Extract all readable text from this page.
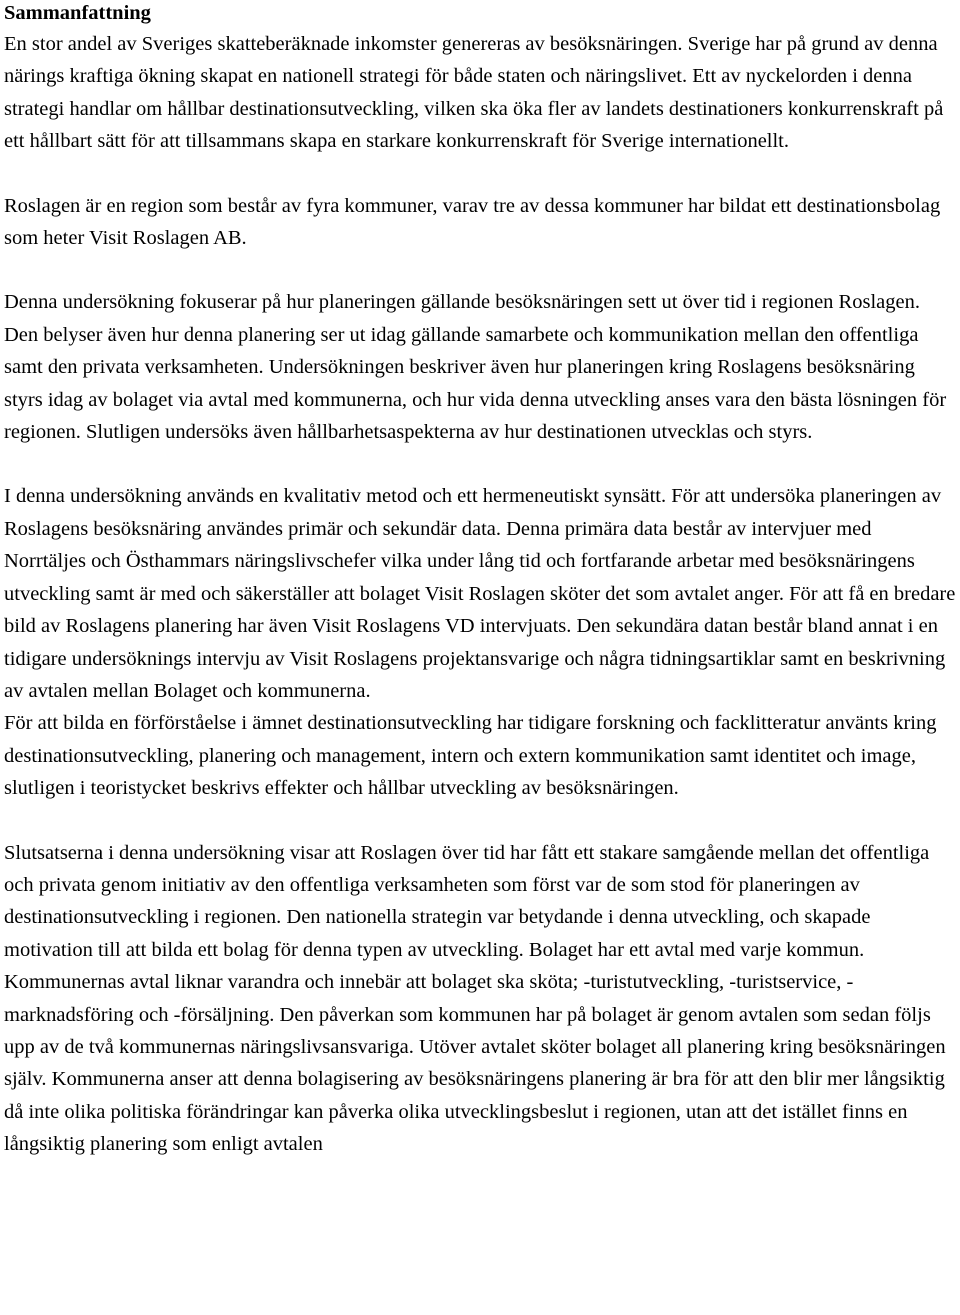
Sammanfattning

En stor andel av Sveriges skatteberäknade inkomster genereras av besöksnäringen. Sverige har på grund av denna närings kraftiga ökning skapat en nationell strategi för både staten och näringslivet. Ett av nyckelorden i denna strategi handlar om hållbar destinationsutveckling, vilken ska öka fler av landets destinationers konkurrenskraft på ett hållbart sätt för att tillsammans skapa en starkare konkurrenskraft för Sverige internationellt.

Roslagen är en region som består av fyra kommuner, varav tre av dessa kommuner har bildat ett destinationsbolag som heter Visit Roslagen AB.

Denna undersökning fokuserar på hur planeringen gällande besöksnäringen sett ut över tid i regionen Roslagen. Den belyser även hur denna planering ser ut idag gällande samarbete och kommunikation mellan den offentliga samt den privata verksamheten. Undersökningen beskriver även hur planeringen kring Roslagens besöksnäring styrs idag av bolaget via avtal med kommunerna, och hur vida denna utveckling anses vara den bästa lösningen för regionen. Slutligen undersöks även hållbarhetsaspekterna av hur destinationen utvecklas och styrs.

I denna undersökning används en kvalitativ metod och ett hermeneutiskt synsätt. För att undersöka planeringen av Roslagens besöksnäring användes primär och sekundär data. Denna primära data består av intervjuer med Norrtäljes och Östhammars näringslivschefer vilka under lång tid och fortfarande arbetar med besöksnäringens utveckling samt är med och säkerställer att bolaget Visit Roslagen sköter det som avtalet anger. För att få en bredare bild av Roslagens planering har även Visit Roslagens VD intervjuats. Den sekundära datan består bland annat i en tidigare undersöknings intervju av Visit Roslagens projektansvarige och några tidningsartiklar samt en beskrivning av avtalen mellan Bolaget och kommunerna.

För att bilda en förförståelse i ämnet destinationsutveckling har tidigare forskning och facklitteratur använts kring destinationsutveckling, planering och management, intern och extern kommunikation samt identitet och image, slutligen i teoristycket beskrivs effekter och hållbar utveckling av besöksnäringen.

Slutsatserna i denna undersökning visar att Roslagen över tid har fått ett stakare samgående mellan det offentliga och privata genom initiativ av den offentliga verksamheten som först var de som stod för planeringen av destinationsutveckling i regionen. Den nationella strategin var betydande i denna utveckling, och skapade motivation till att bilda ett bolag för denna typen av utveckling. Bolaget har ett avtal med varje kommun. Kommunernas avtal liknar varandra och innebär att bolaget ska sköta; -turistutveckling, -turistservice, -marknadsföring och -försäljning. Den påverkan som kommunen har på bolaget är genom avtalen som sedan följs upp av de två kommunernas näringslivsansvariga. Utöver avtalet sköter bolaget all planering kring besöksnäringen själv. Kommunerna anser att denna bolagisering av besöksnäringens planering är bra för att den blir mer långsiktig då inte olika politiska förändringar kan påverka olika utvecklingsbeslut i regionen, utan att det istället finns en långsiktig planering som enligt avtalen
